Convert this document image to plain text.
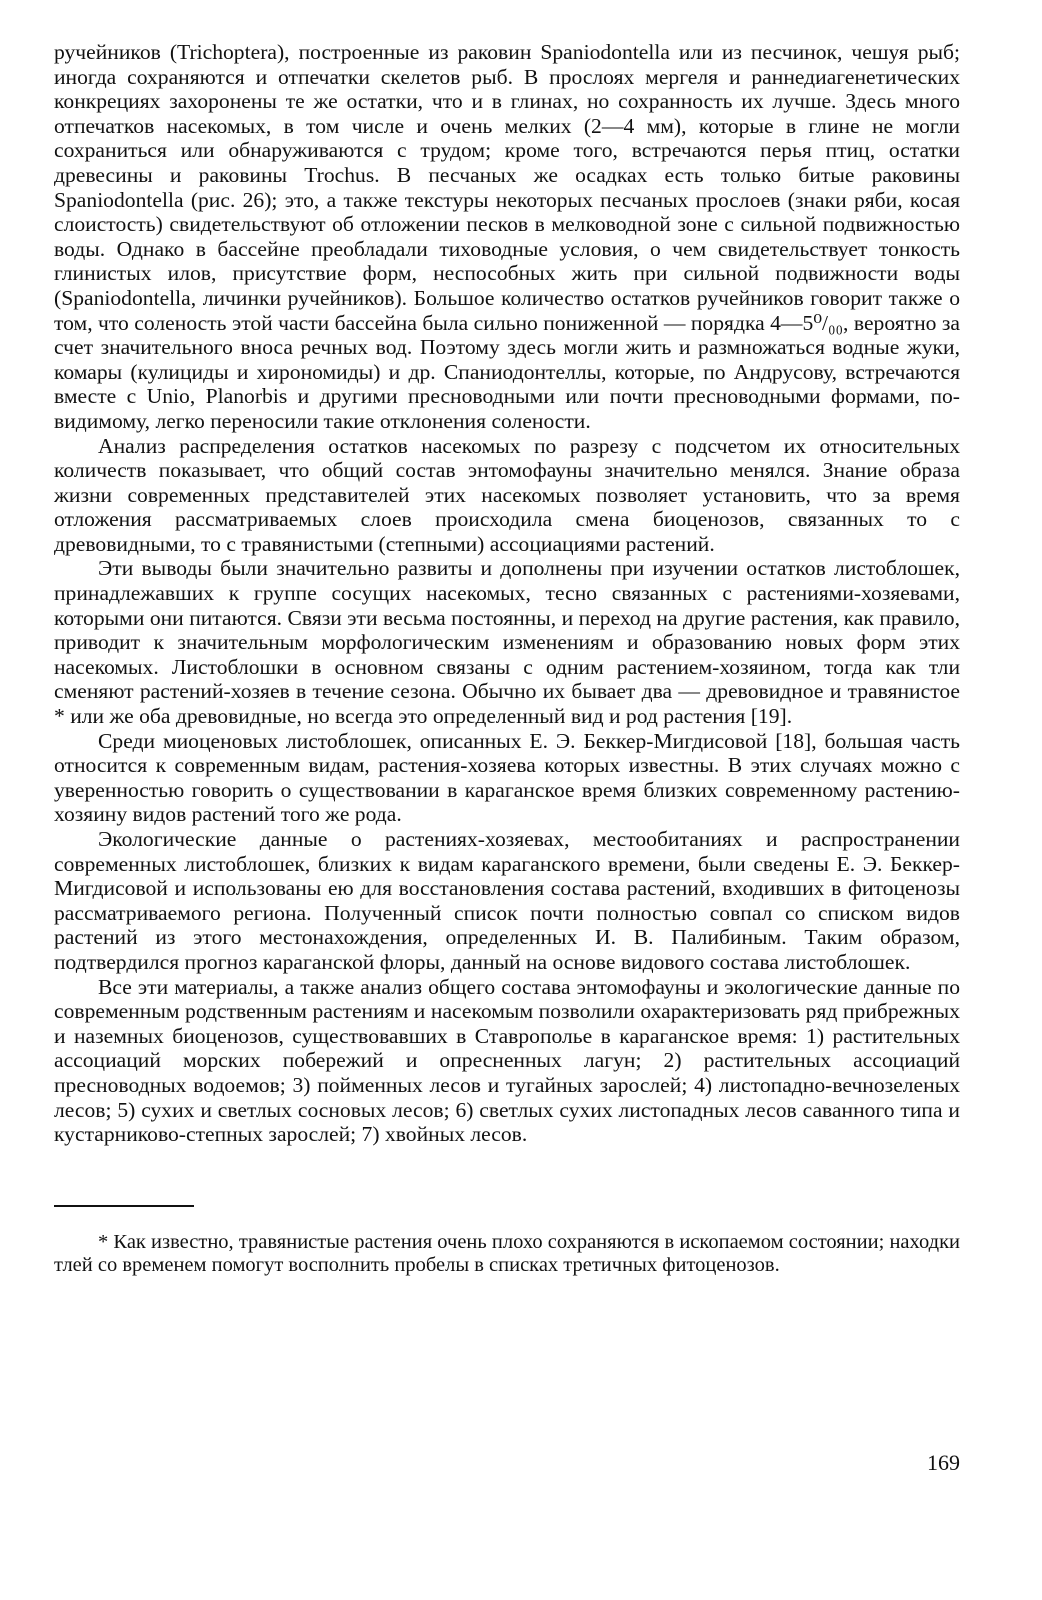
ручейников (Trichoptera), построенные из раковин Spaniodontella или из песчинок, чешуя рыб; иногда сохраняются и отпечатки скелетов рыб. В прослоях мергеля и раннедиагенетических конкрециях захоронены те же остатки, что и в глинах, но сохранность их лучше. Здесь много отпечатков насекомых, в том числе и очень мелких (2—4 мм), которые в глине не могли сохраниться или обнаруживаются с трудом; кроме того, встречаются перья птиц, остатки древесины и раковины Trochus. В песчаных же осадках есть только битые раковины Spaniodontella (рис. 26); это, а также текстуры некоторых песчаных прослоев (знаки ряби, косая слоистость) свидетельствуют об отложении песков в мелководной зоне с сильной подвижностью воды. Однако в бассейне преобладали тиховодные условия, о чем свидетельствует тонкость глинистых илов, присутствие форм, неспособных жить при сильной подвижности воды (Spaniodontella, личинки ручейников). Большое количество остатков ручейников говорит также о том, что соленость этой части бассейна была сильно пониженной — порядка 4—5⁰/₀₀, вероятно за счет значительного вноса речных вод. Поэтому здесь могли жить и размножаться водные жуки, комары (кулициды и хирономиды) и др. Спаниодонтеллы, которые, по Андрусову, встречаются вместе с Unio, Planorbis и другими пресноводными или почти пресноводными формами, по-видимому, легко переносили такие отклонения солености.

Анализ распределения остатков насекомых по разрезу с подсчетом их относительных количеств показывает, что общий состав энтомофауны значительно менялся. Знание образа жизни современных представителей этих насекомых позволяет установить, что за время отложения рассматриваемых слоев происходила смена биоценозов, связанных то с древовидными, то с травянистыми (степными) ассоциациями растений.

Эти выводы были значительно развиты и дополнены при изучении остатков листоблошек, принадлежавших к группе сосущих насекомых, тесно связанных с растениями-хозяевами, которыми они питаются. Связи эти весьма постоянны, и переход на другие растения, как правило, приводит к значительным морфологическим изменениям и образованию новых форм этих насекомых. Листоблошки в основном связаны с одним растением-хозяином, тогда как тли сменяют растений-хозяев в течение сезона. Обычно их бывает два — древовидное и травянистое * или же оба древовидные, но всегда это определенный вид и род растения [19].

Среди миоценовых листоблошек, описанных Е. Э. Беккер-Мигдисовой [18], большая часть относится к современным видам, растения-хозяева которых известны. В этих случаях можно с уверенностью говорить о существовании в караганское время близких современному растению-хозяину видов растений того же рода.

Экологические данные о растениях-хозяевах, местообитаниях и распространении современных листоблошек, близких к видам караганского времени, были сведены Е. Э. Беккер-Мигдисовой и использованы ею для восстановления состава растений, входивших в фитоценозы рассматриваемого региона. Полученный список почти полностью совпал со списком видов растений из этого местонахождения, определенных И. В. Палибиным. Таким образом, подтвердился прогноз караганской флоры, данный на основе видового состава листоблошек.

Все эти материалы, а также анализ общего состава энтомофауны и экологические данные по современным родственным растениям и насекомым позволили охарактеризовать ряд прибрежных и наземных биоценозов, существовавших в Ставрополье в караганское время: 1) растительных ассоциаций морских побережий и опресненных лагун; 2) растительных ассоциаций пресноводных водоемов; 3) пойменных лесов и тугайных зарослей; 4) листопадно-вечнозеленых лесов; 5) сухих и светлых сосновых лесов; 6) светлых сухих листопадных лесов саванного типа и кустарниково-степных зарослей; 7) хвойных лесов.

* Как известно, травянистые растения очень плохо сохраняются в ископаемом состоянии; находки тлей со временем помогут восполнить пробелы в списках третичных фитоценозов.

169
